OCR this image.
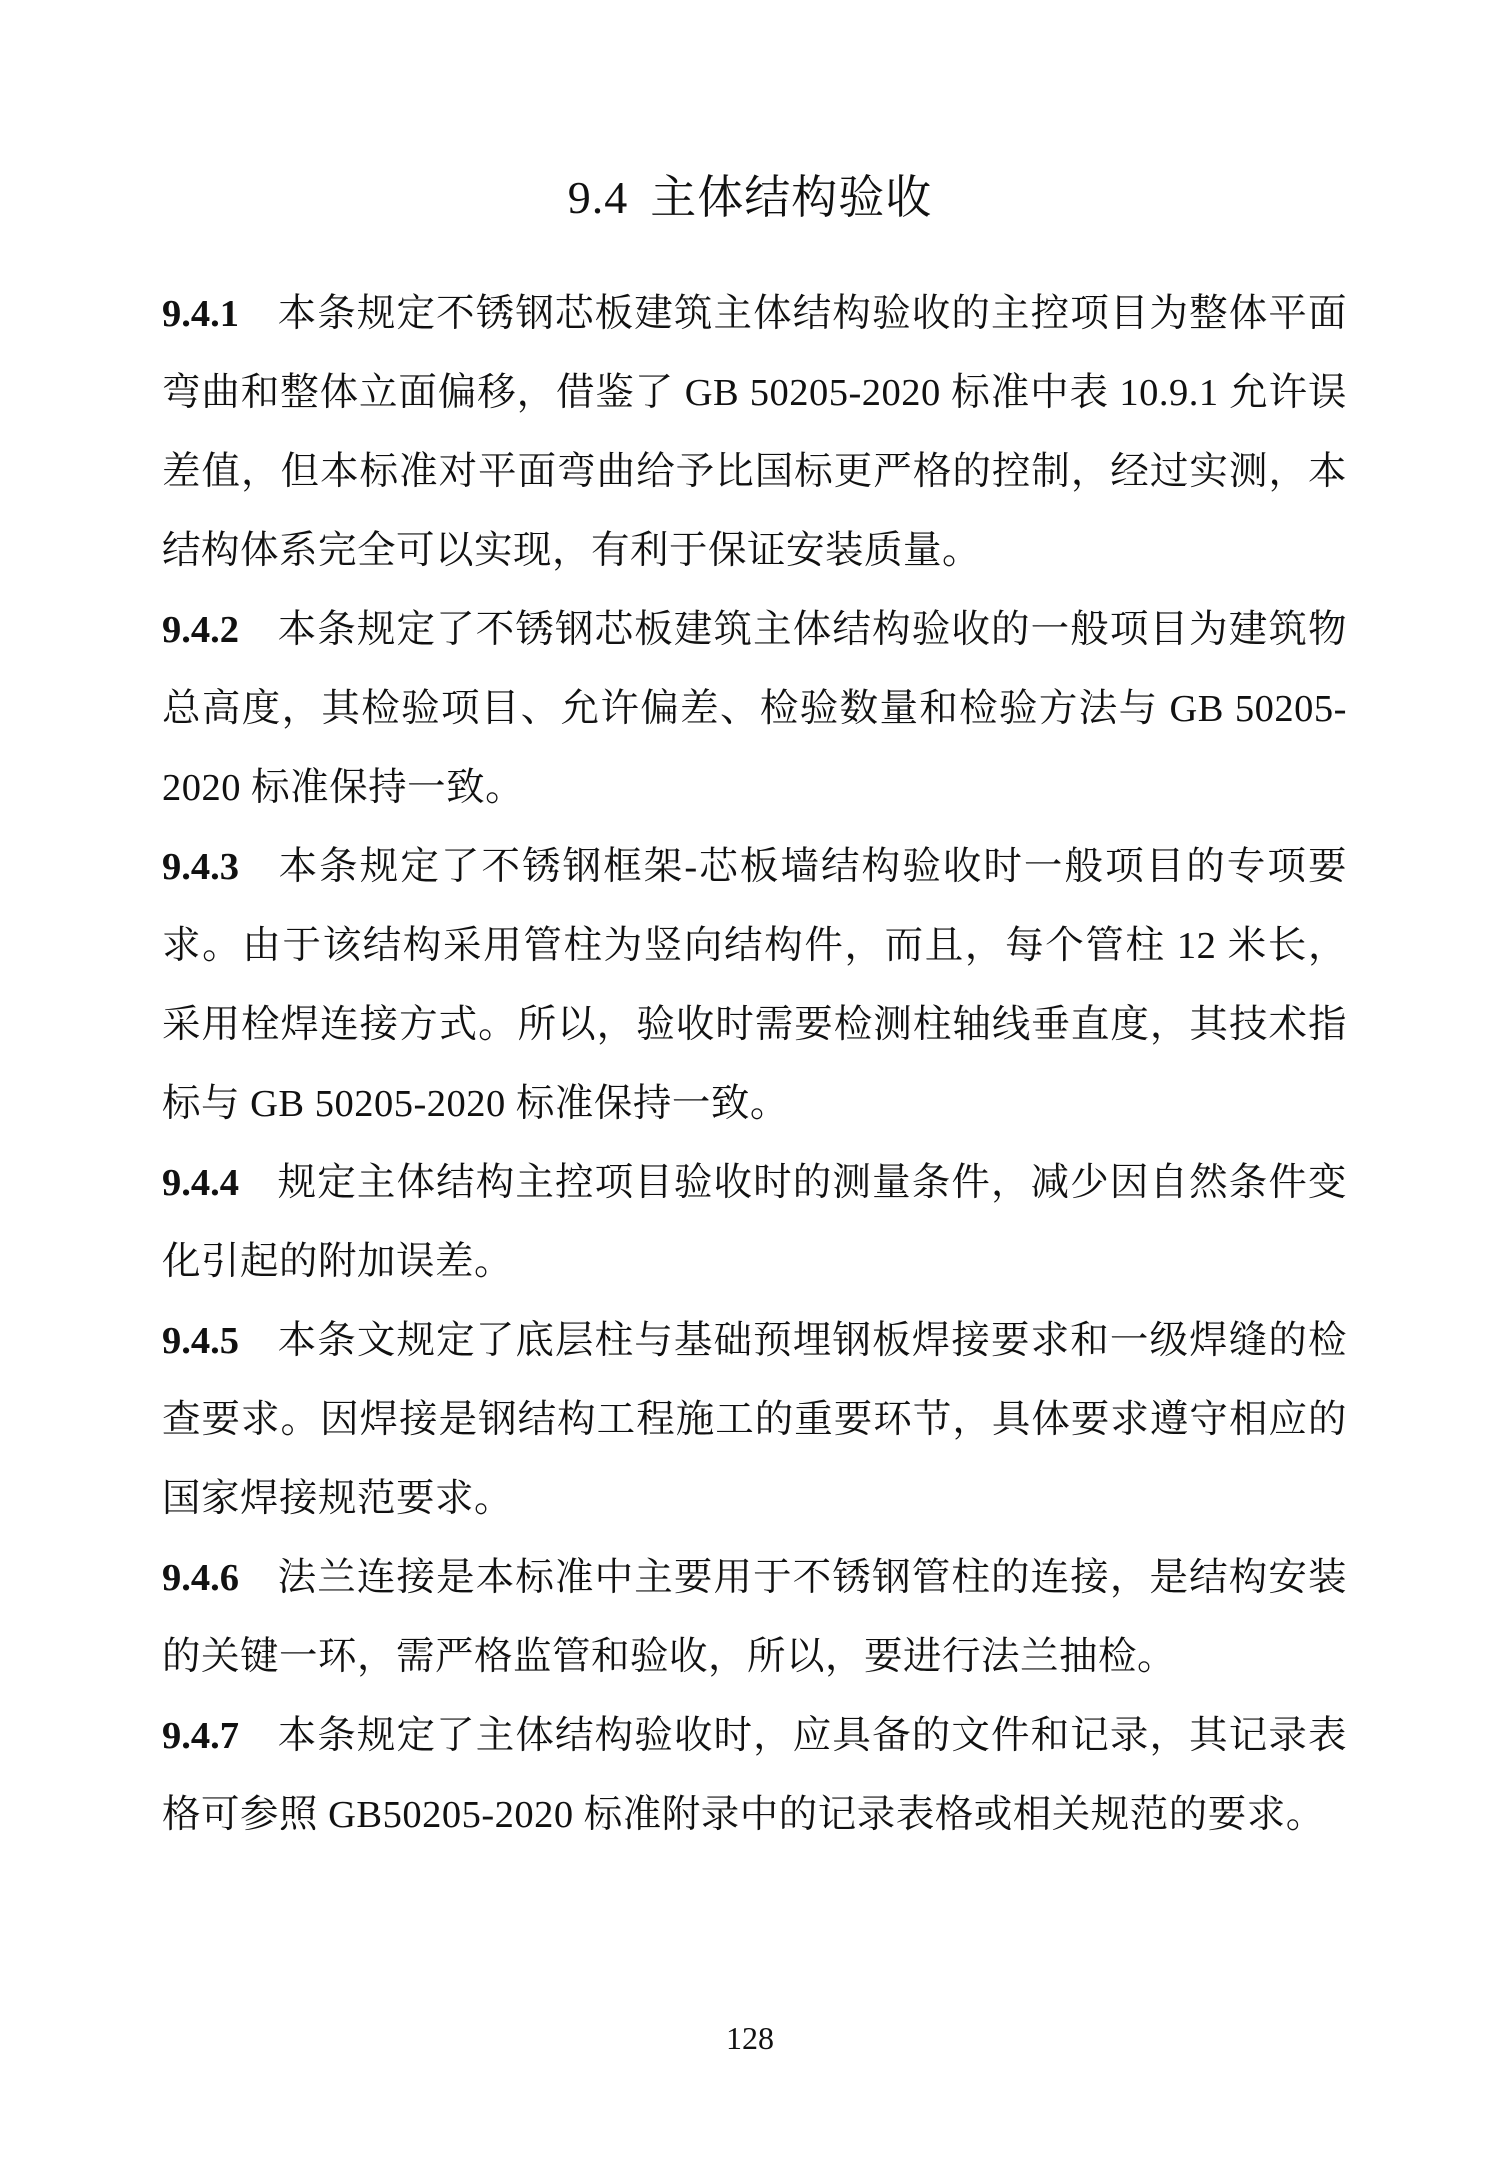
9.4 主体结构验收

9.4.1 本条规定不锈钢芯板建筑主体结构验收的主控项目为整体平面弯曲和整体立面偏移，借鉴了 GB 50205-2020 标准中表 10.9.1 允许误差值，但本标准对平面弯曲给予比国标更严格的控制，经过实测，本结构体系完全可以实现，有利于保证安装质量。

9.4.2 本条规定了不锈钢芯板建筑主体结构验收的一般项目为建筑物总高度，其检验项目、允许偏差、检验数量和检验方法与 GB 50205-2020 标准保持一致。

9.4.3 本条规定了不锈钢框架-芯板墙结构验收时一般项目的专项要求。由于该结构采用管柱为竖向结构件，而且，每个管柱 12 米长，采用栓焊连接方式。所以，验收时需要检测柱轴线垂直度，其技术指标与 GB 50205-2020 标准保持一致。

9.4.4 规定主体结构主控项目验收时的测量条件，减少因自然条件变化引起的附加误差。

9.4.5 本条文规定了底层柱与基础预埋钢板焊接要求和一级焊缝的检查要求。因焊接是钢结构工程施工的重要环节，具体要求遵守相应的国家焊接规范要求。

9.4.6 法兰连接是本标准中主要用于不锈钢管柱的连接，是结构安装的关键一环，需严格监管和验收，所以，要进行法兰抽检。

9.4.7 本条规定了主体结构验收时，应具备的文件和记录，其记录表格可参照 GB50205-2020 标准附录中的记录表格或相关规范的要求。

128
